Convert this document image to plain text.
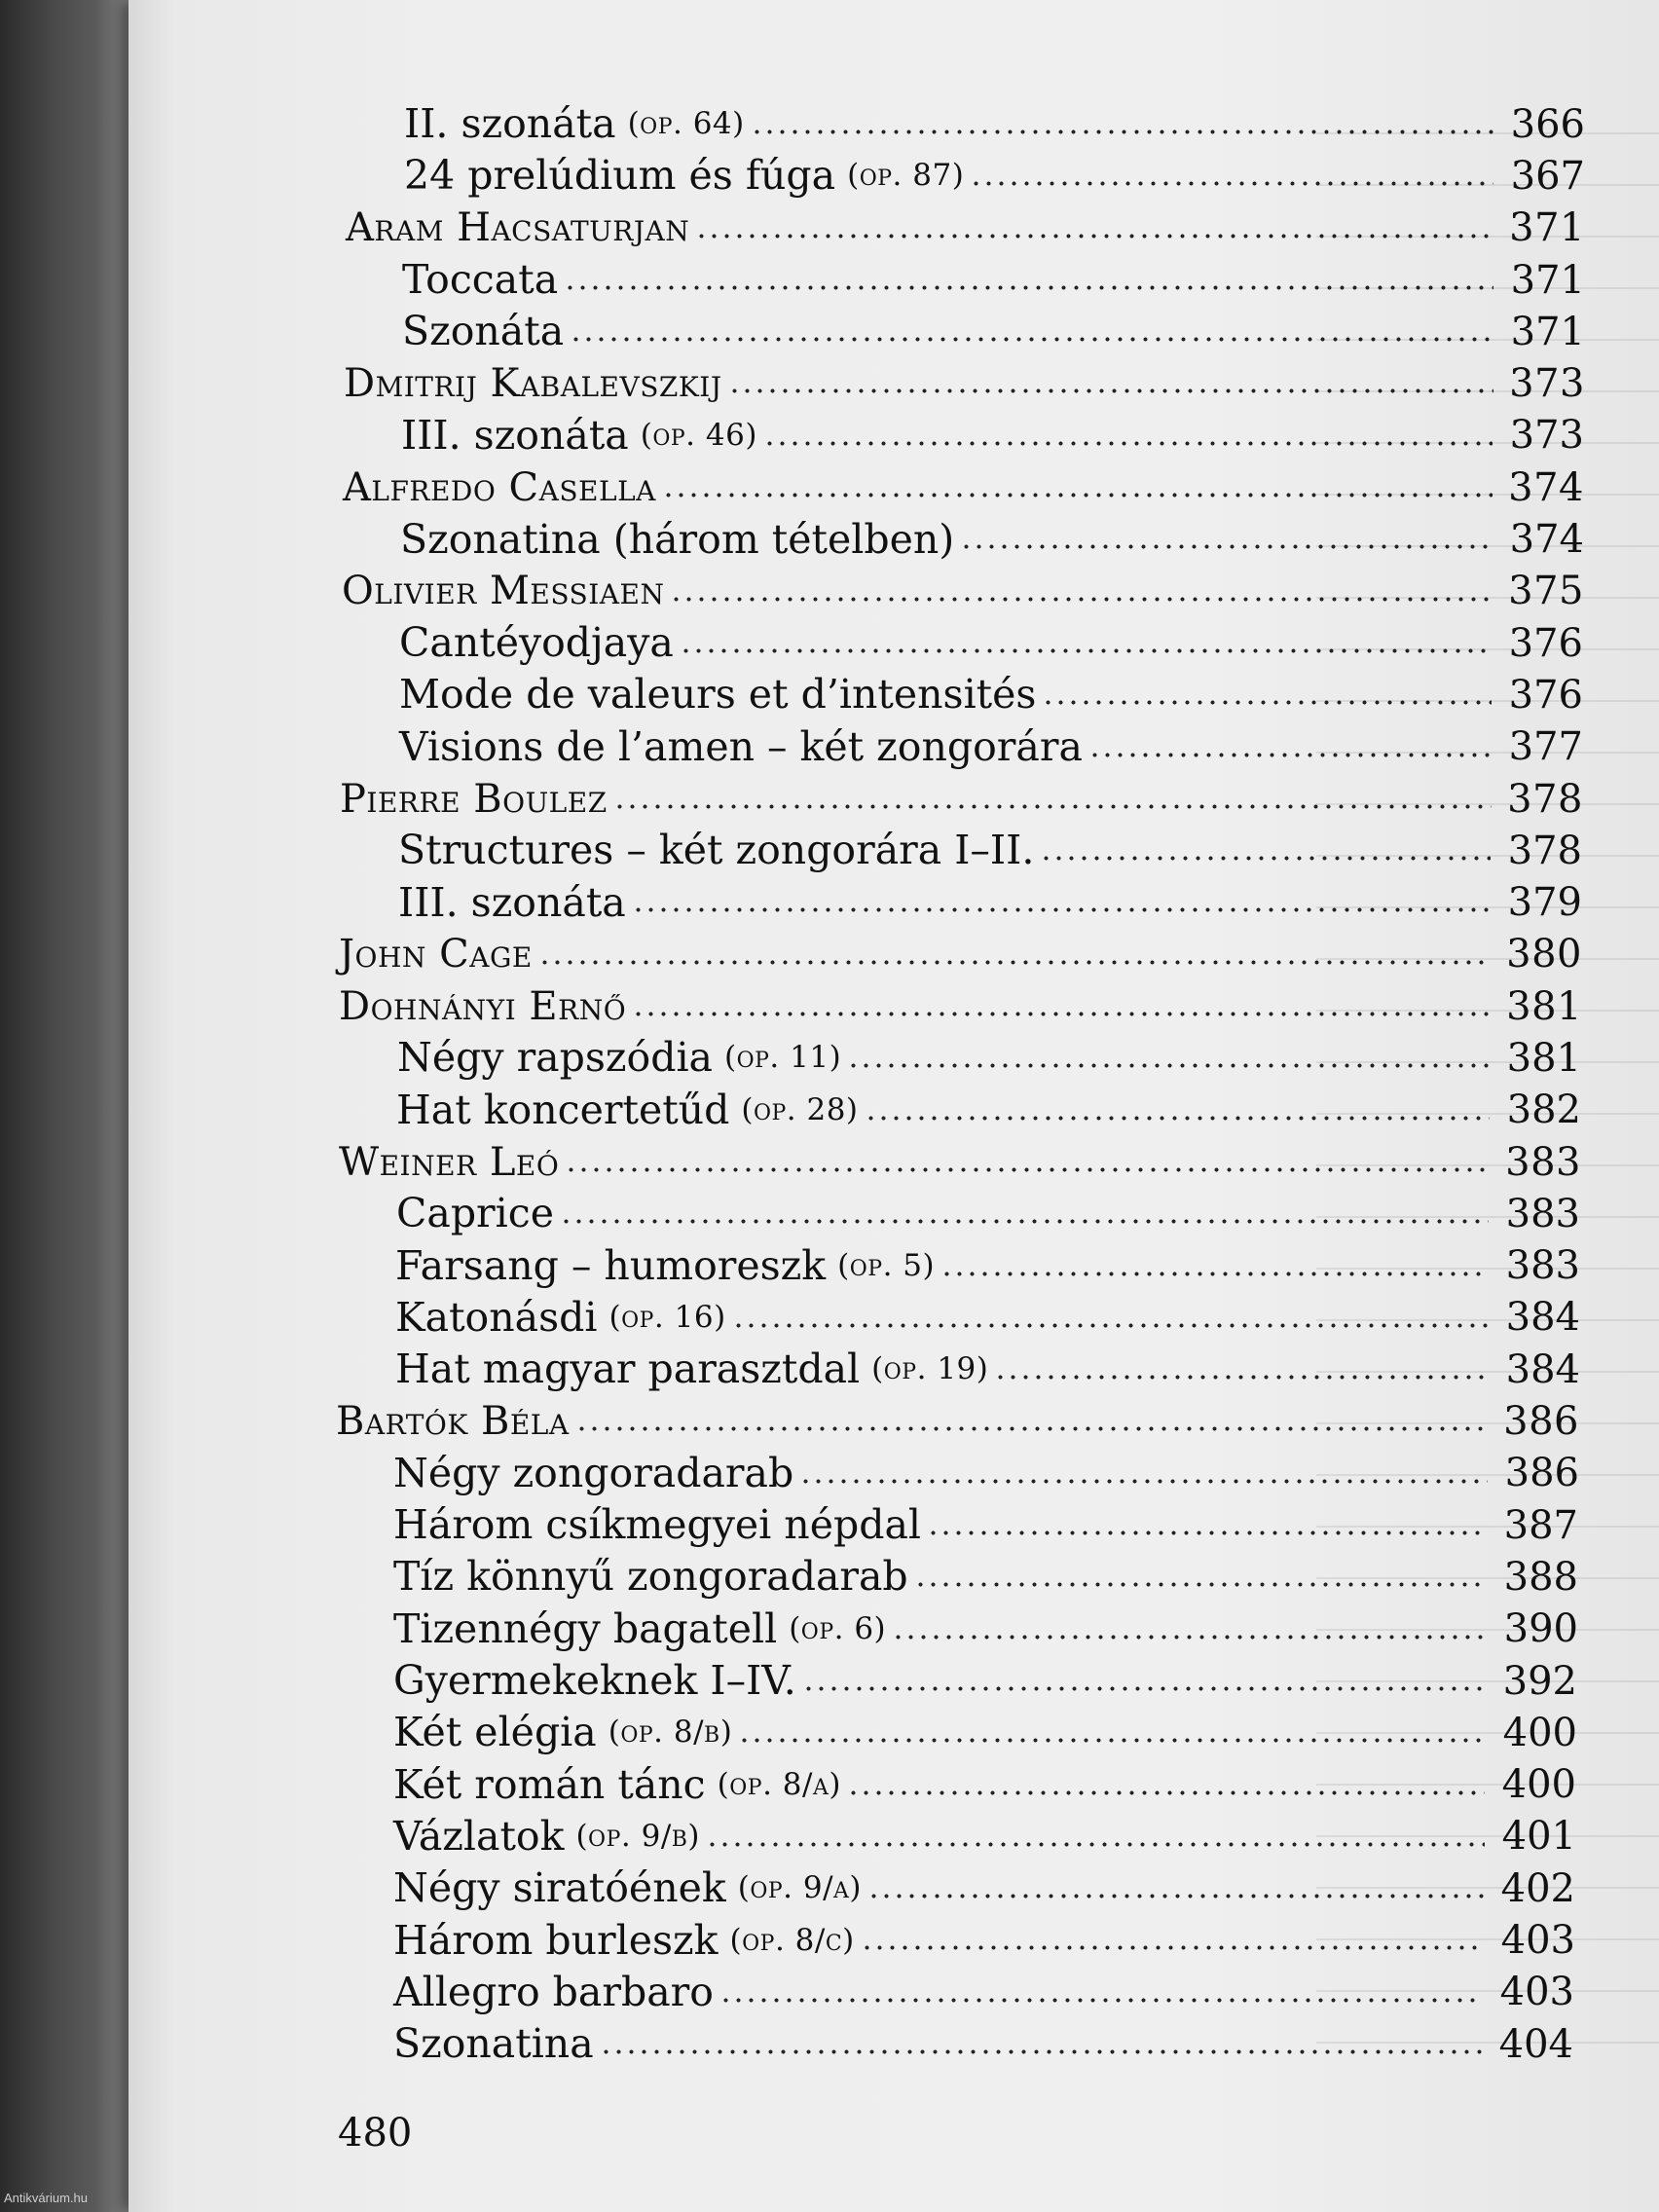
II. szonáta (op. 64)	366
24 prelúdium és fúga (op. 87)	367
Aram Hacsaturjan	371
Toccata	371
Szonáta	371
Dmitrij Kabalevszkij	373
III. szonáta (op. 46)	373
Alfredo Casella	374
Szonatina (három tételben)	374
Olivier Messiaen	375
Cantéyodjaya	376
Mode de valeurs et d’intensités	376
Visions de l’amen – két zongorára	377
Pierre Boulez	378
Structures – két zongorára I–II.	378
III. szonáta	379
John Cage	380
Dohnányi Ernő	381
Négy rapszódia (op. 11)	381
Hat koncertetűd (op. 28)	382
Weiner Leó	383
Caprice	383
Farsang – humoreszk (op. 5)	383
Katonásdi (op. 16)	384
Hat magyar parasztdal (op. 19)	384
Bartók Béla	386
Négy zongoradarab	386
Három csíkmegyei népdal	387
Tíz könnyű zongoradarab	388
Tizennégy bagatell (op. 6)	390
Gyermekeknek I–IV.	392
Két elégia (op. 8/b)	400
Két román tánc (op. 8/a)	400
Vázlatok (op. 9/b)	401
Négy siratóének (op. 9/a)	402
Három burleszk (op. 8/c)	403
Allegro barbaro	403
Szonatina	404
480
Antikvárium.hu
